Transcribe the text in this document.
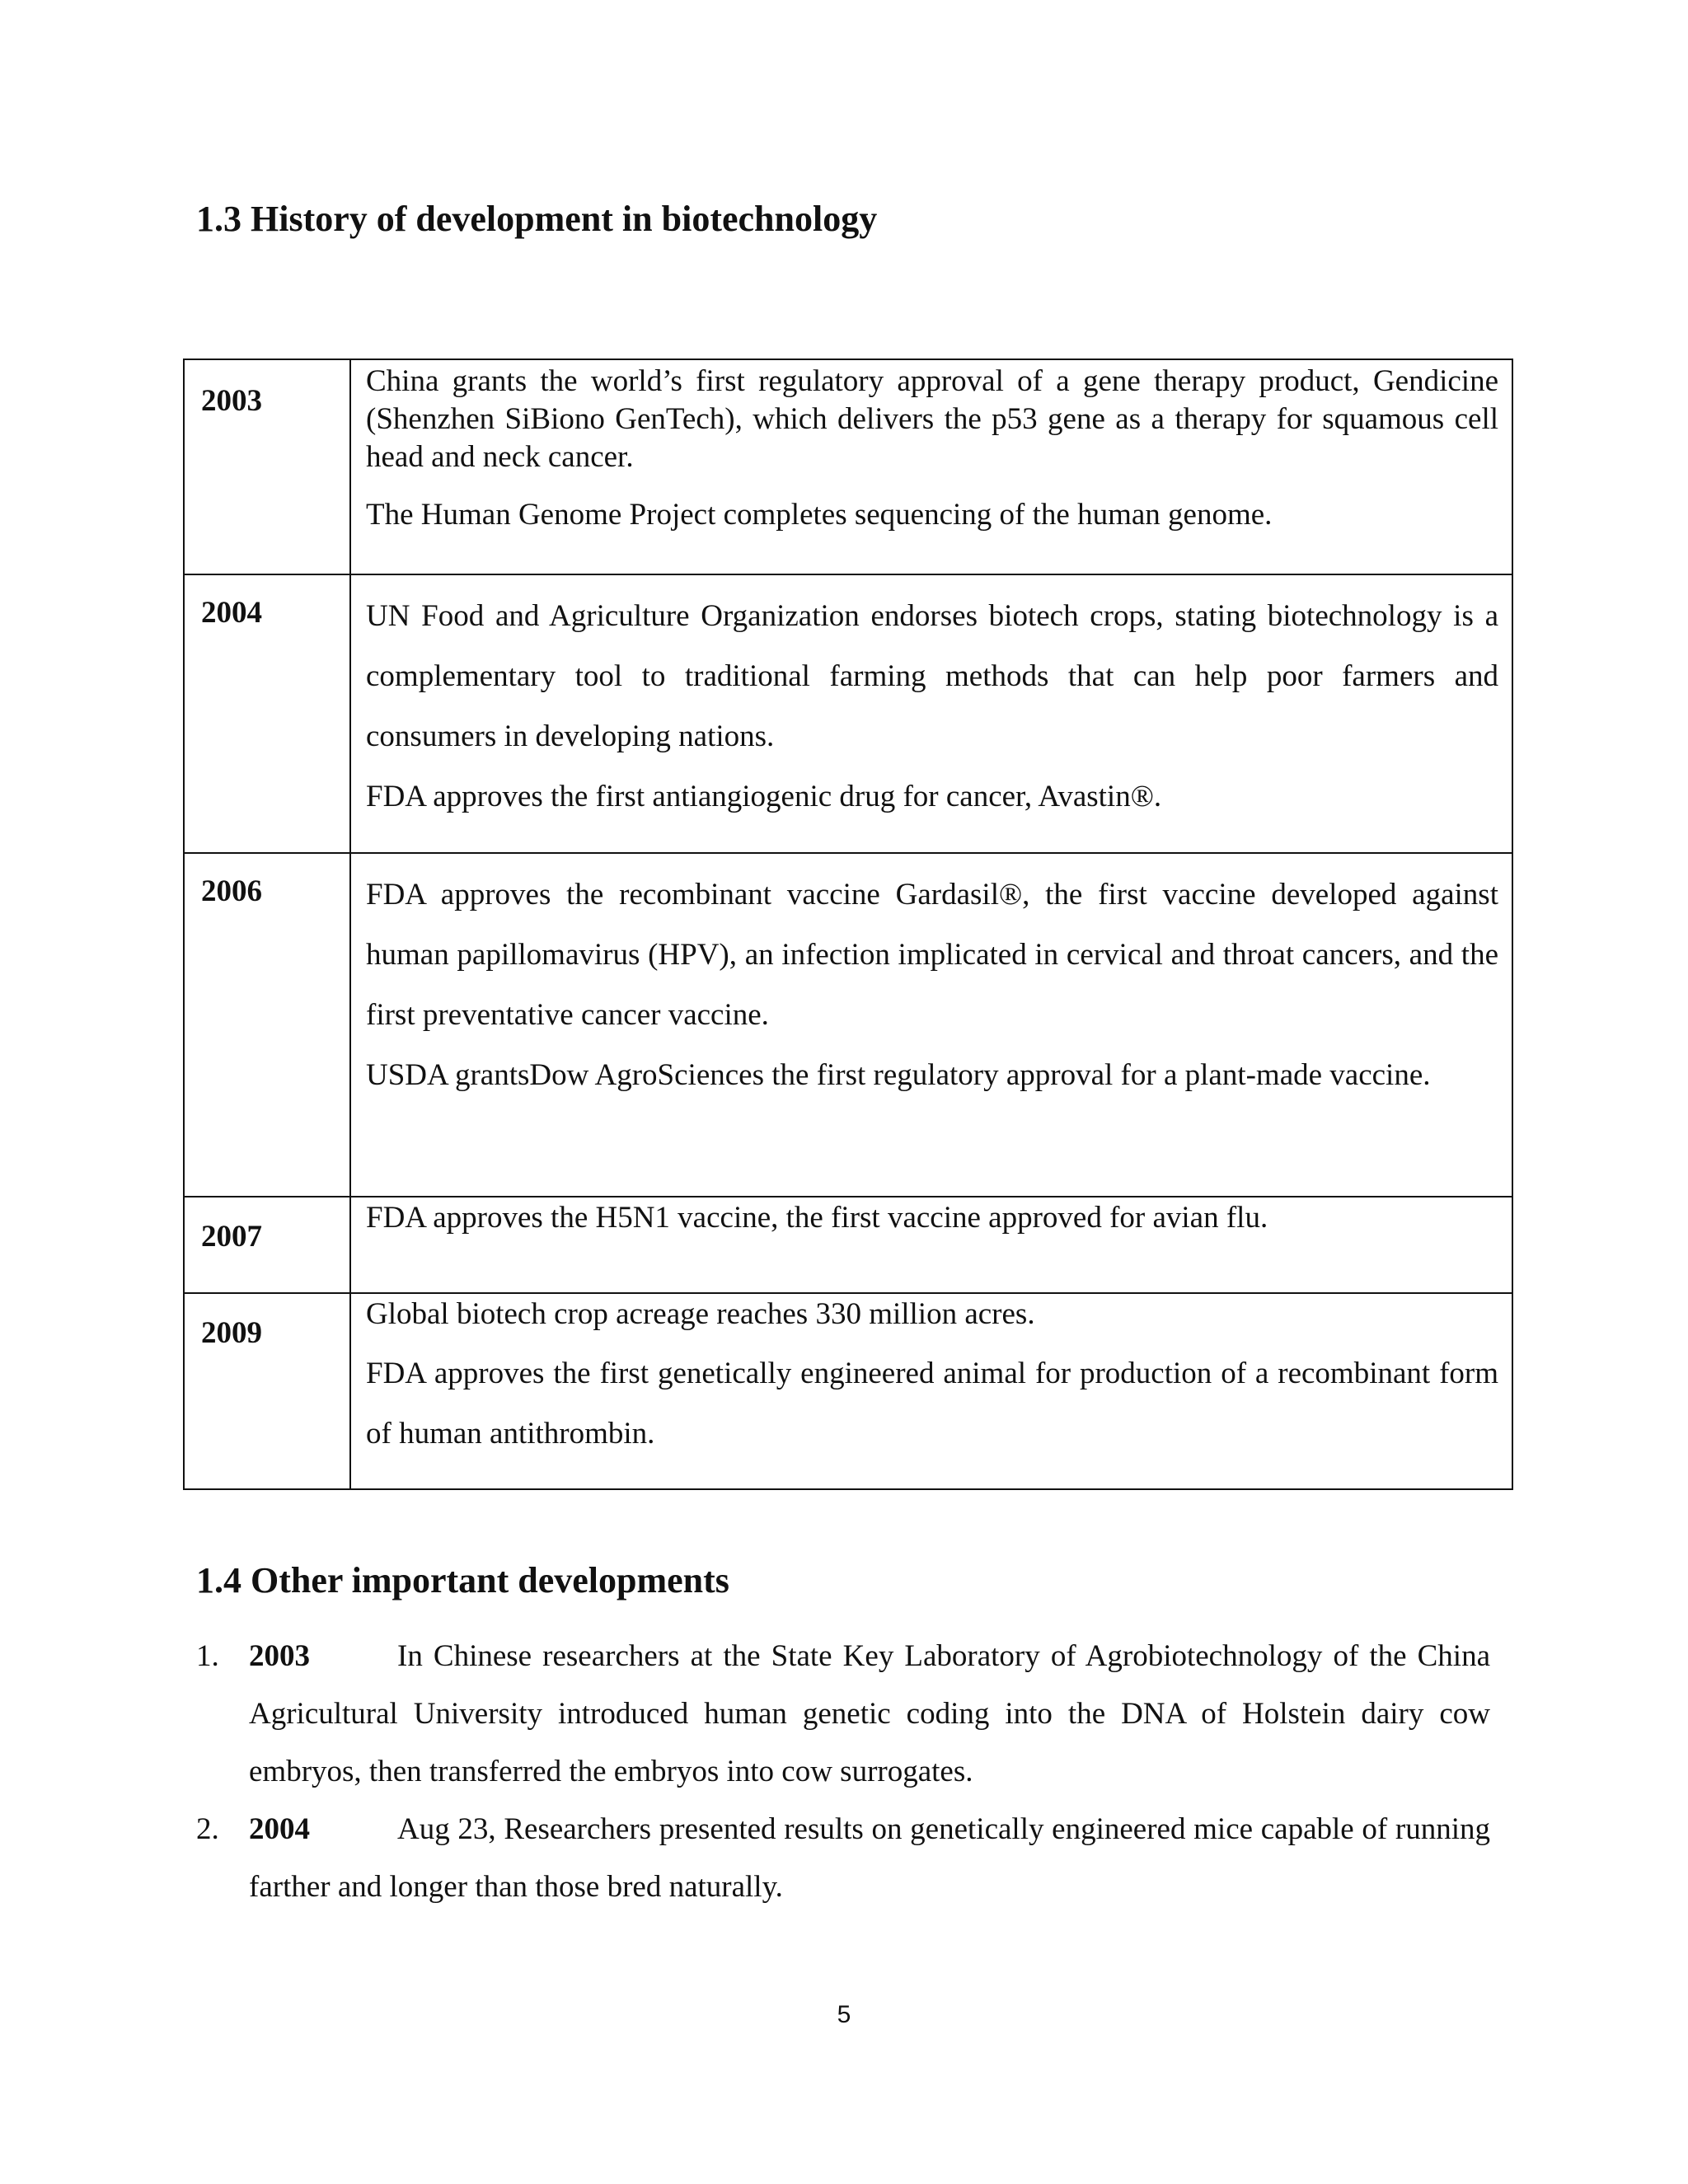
1.3 History of development in biotechnology
2003	China grants the world’s first regulatory approval of a gene therapy product, Gendicine (Shenzhen SiBiono GenTech), which delivers the p53 gene as a therapy for squamous cell head and neck cancer.

The Human Genome Project completes sequencing of the human genome.

2004	UN Food and Agriculture Organization endorses biotech crops, stating biotechnology is a complementary tool to traditional farming methods that can help poor farmers and consumers in developing nations.

FDA approves the first antiangiogenic drug for cancer, Avastin®.

2006	FDA approves the recombinant vaccine Gardasil®, the first vaccine developed against human papillomavirus (HPV), an infection implicated in cervical and throat cancers, and the first preventative cancer vaccine.

USDA grantsDow AgroSciences the first regulatory approval for a plant-made vaccine.

2007	FDA approves the H5N1 vaccine, the first vaccine approved for avian flu.

2009	Global biotech crop acreage reaches 330 million acres.

FDA approves the first genetically engineered animal for production of a recombinant form of human antithrombin.

1.4 Other important developments
1. 2003	In Chinese researchers at the State Key Laboratory of Agrobiotechnology of the China Agricultural University introduced human genetic coding into the DNA of Holstein dairy cow embryos, then transferred the embryos into cow surrogates.
2. 2004	Aug 23, Researchers presented results on genetically engineered mice capable of running farther and longer than those bred naturally.
5
